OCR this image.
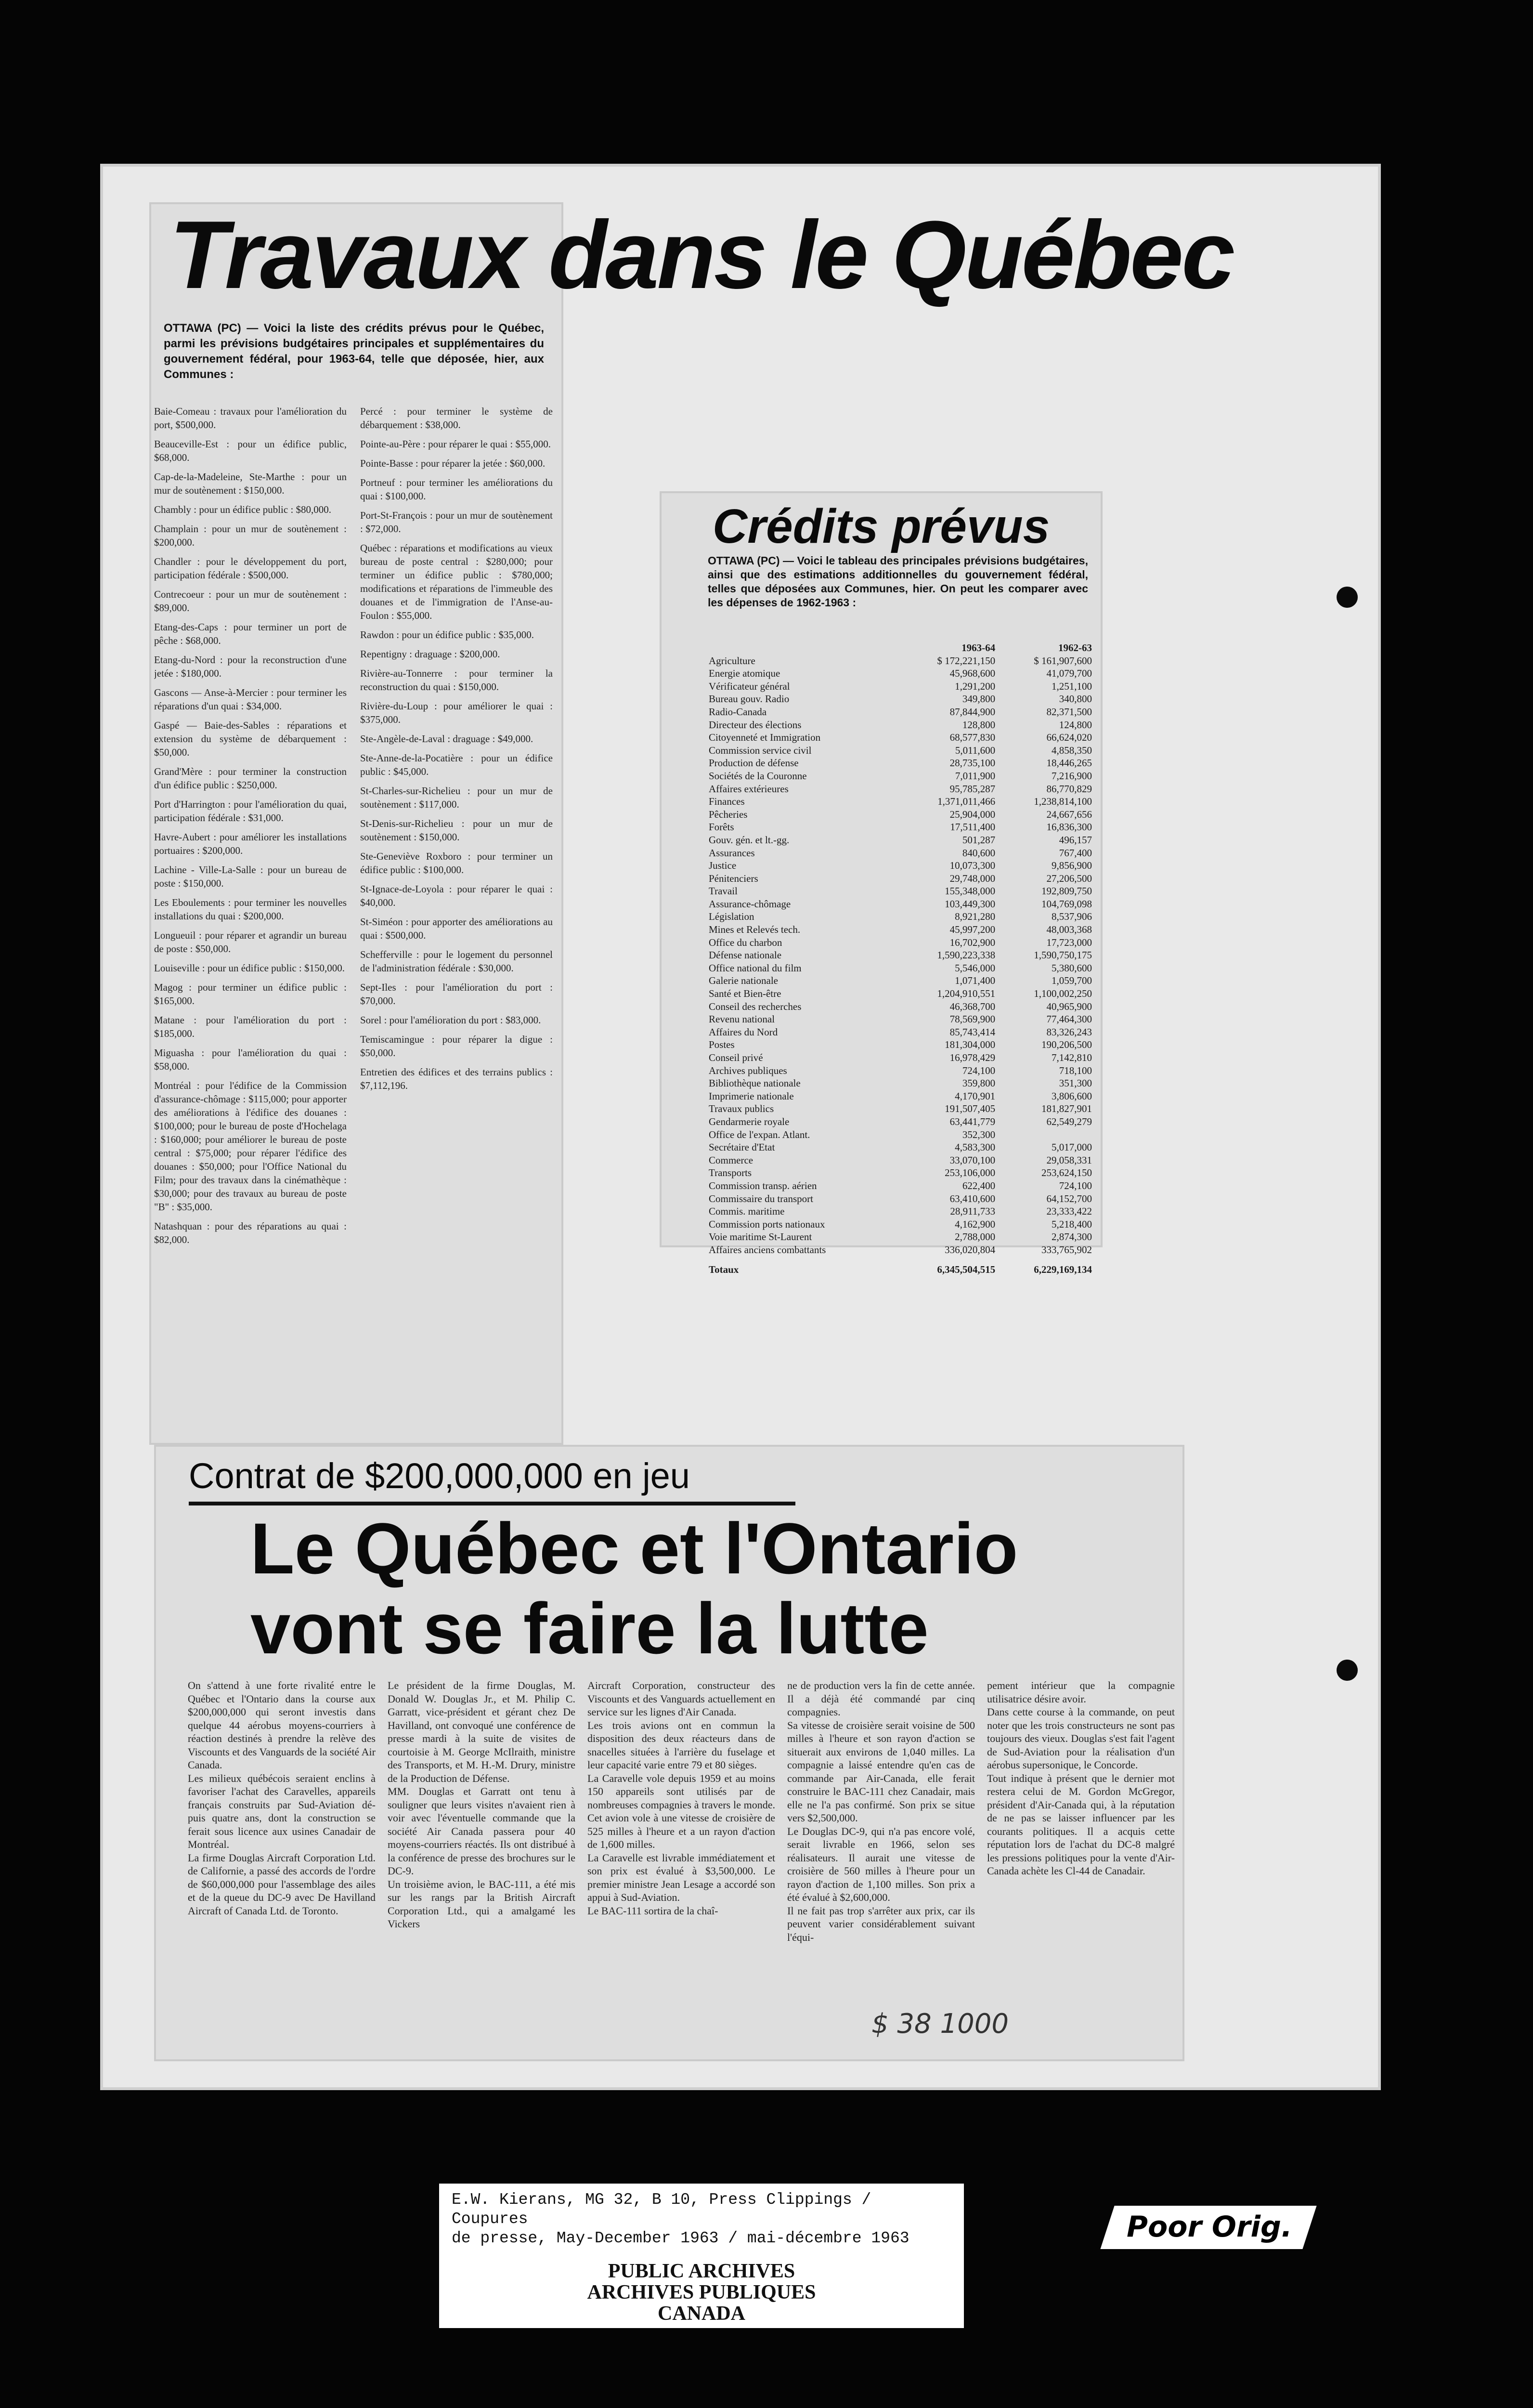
Travaux dans le Québec
OTTAWA (PC) — Voici la liste des crédits prévus pour le Québec, parmi les prévisions budgétaires principales et supplémentaires du gouvernement fédéral, pour 1963-64, telle que déposée, hier, aux Communes :
Baie-Comeau : travaux pour l'amélioration du port, $500,000.
Beauceville-Est : pour un édifice public, $68,000.
Cap-de-la-Madeleine, Ste-Marthe : pour un mur de soutènement : $150,000.
Chambly : pour un édifice public : $80,000.
Champlain : pour un mur de soutènement : $200,000.
Chandler : pour le développement du port, participation fédérale : $500,000.
Contrecoeur : pour un mur de soutènement : $89,000.
Etang-des-Caps : pour terminer un port de pêche : $68,000.
Etang-du-Nord : pour la reconstruction d'une jetée : $180,000.
Gascons — Anse-à-Mercier : pour terminer les réparations d'un quai : $34,000.
Gaspé — Baie-des-Sables : réparations et extension du système de débarquement : $50,000.
Grand'Mère : pour terminer la construction d'un édifice public : $250,000.
Port d'Harrington : pour l'amélioration du quai, participation fédérale : $31,000.
Havre-Aubert : pour améliorer les installations portuaires : $200,000.
Lachine - Ville-La-Salle : pour un bureau de poste : $150,000.
Les Eboulements : pour terminer les nouvelles installations du quai : $200,000.
Longueuil : pour réparer et agrandir un bureau de poste : $50,000.
Louiseville : pour un édifice public : $150,000.
Magog : pour terminer un édifice public : $165,000.
Matane : pour l'amélioration du port : $185,000.
Miguasha : pour l'amélioration du quai : $58,000.
Montréal : pour l'édifice de la Commission d'assurance-chômage : $115,000; pour apporter des améliorations à l'édifice des douanes : $100,000; pour le bureau de poste d'Hochelaga : $160,000; pour améliorer le bureau de poste central : $75,000; pour réparer l'édifice des douanes : $50,000; pour l'Office National du Film; pour des travaux dans la cinémathèque : $30,000; pour des travaux au bureau de poste "B" : $35,000.
Natashquan : pour des réparations au quai : $82,000.
Percé : pour terminer le système de débarquement : $38,000.
Pointe-au-Père : pour réparer le quai : $55,000.
Pointe-Basse : pour réparer la jetée : $60,000.
Portneuf : pour terminer les améliorations du quai : $100,000.
Port-St-François : pour un mur de soutènement : $72,000.
Québec : réparations et modifications au vieux bureau de poste central : $280,000; pour terminer un édifice public : $780,000; modifications et réparations de l'immeuble des douanes et de l'immigration de l'Anse-au-Foulon : $55,000.
Rawdon : pour un édifice public : $35,000.
Repentigny : draguage : $200,000.
Rivière-au-Tonnerre : pour terminer la reconstruction du quai : $150,000.
Rivière-du-Loup : pour améliorer le quai : $375,000.
Ste-Angèle-de-Laval : draguage : $49,000.
Ste-Anne-de-la-Pocatière : pour un édifice public : $45,000.
St-Charles-sur-Richelieu : pour un mur de soutènement : $117,000.
St-Denis-sur-Richelieu : pour un mur de soutènement : $150,000.
Ste-Geneviève Roxboro : pour terminer un édifice public : $100,000.
St-Ignace-de-Loyola : pour réparer le quai : $40,000.
St-Siméon : pour apporter des améliorations au quai : $500,000.
Schefferville : pour le logement du personnel de l'administration fédérale : $30,000.
Sept-Iles : pour l'amélioration du port : $70,000.
Sorel : pour l'amélioration du port : $83,000.
Temiscamingue : pour réparer la digue : $50,000.
Entretien des édifices et des terrains publics : $7,112,196.
Crédits prévus
OTTAWA (PC) — Voici le tableau des principales prévisions budgétaires, ainsi que des estimations additionnelles du gouvernement fédéral, telles que déposées aux Communes, hier. On peut les comparer avec les dépenses de 1962-1963 :
	1963-64	1962-63
Agriculture	$ 172,221,150	$ 161,907,600
Energie atomique	45,968,600	41,079,700
Vérificateur général	1,291,200	1,251,100
Bureau gouv. Radio	349,800	340,800
Radio-Canada	87,844,900	82,371,500
Directeur des élections	128,800	124,800
Citoyenneté et Immigration	68,577,830	66,624,020
Commission service civil	5,011,600	4,858,350
Production de défense	28,735,100	18,446,265
Sociétés de la Couronne	7,011,900	7,216,900
Affaires extérieures	95,785,287	86,770,829
Finances	1,371,011,466	1,238,814,100
Pêcheries	25,904,000	24,667,656
Forêts	17,511,400	16,836,300
Gouv. gén. et lt.-gg.	501,287	496,157
Assurances	840,600	767,400
Justice	10,073,300	9,856,900
Pénitenciers	29,748,000	27,206,500
Travail	155,348,000	192,809,750
Assurance-chômage	103,449,300	104,769,098
Législation	8,921,280	8,537,906
Mines et Relevés tech.	45,997,200	48,003,368
Office du charbon	16,702,900	17,723,000
Défense nationale	1,590,223,338	1,590,750,175
Office national du film	5,546,000	5,380,600
Galerie nationale	1,071,400	1,059,700
Santé et Bien-être	1,204,910,551	1,100,002,250
Conseil des recherches	46,368,700	40,965,900
Revenu national	78,569,900	77,464,300
Affaires du Nord	85,743,414	83,326,243
Postes	181,304,000	190,206,500
Conseil privé	16,978,429	7,142,810
Archives publiques	724,100	718,100
Bibliothèque nationale	359,800	351,300
Imprimerie nationale	4,170,901	3,806,600
Travaux publics	191,507,405	181,827,901
Gendarmerie royale	63,441,779	62,549,279
Office de l'expan. Atlant.	352,300	
Secrétaire d'Etat	4,583,300	5,017,000
Commerce	33,070,100	29,058,331
Transports	253,106,000	253,624,150
Commission transp. aérien	622,400	724,100
Commissaire du transport	63,410,600	64,152,700
Commis. maritime	28,911,733	23,333,422
Commission ports nationaux	4,162,900	5,218,400
Voie maritime St-Laurent	2,788,000	2,874,300
Affaires anciens combattants	336,020,804	333,765,902
Totaux	6,345,504,515	6,229,169,134
Contrat de $200,000,000 en jeu
Le Québec et l'Ontario
vont se faire la lutte
On s'attend à une forte rivalité entre le Québec et l'Ontario dans la course aux $200,000,000 qui seront investis dans quelque 44 aérobus moyens-courriers à réaction destinés à prendre la relève des Viscounts et des Vanguards de la société Air Canada.
Les milieux québécois seraient enclins à favoriser l'achat des Caravelles, appareils français construits par Sud-Aviation dé- puis quatre ans, dont la construction se ferait sous licence aux usines Canadair de Montréal.
La firme Douglas Aircraft Corporation Ltd. de Californie, a passé des accords de l'ordre de $60,000,000 pour l'assemblage des ailes et de la queue du DC-9 avec De Havilland Aircraft of Canada Ltd. de Toronto.
Le président de la firme Douglas, M. Donald W. Douglas Jr., et M. Philip C. Garratt, vice-président et gérant chez De Havilland, ont convoqué une conférence de presse mardi à la suite de visites de courtoisie à M. George McIlraith, ministre des Transports, et M. H.-M. Drury, ministre de la Production de Défense.
MM. Douglas et Garratt ont tenu à souligner que leurs visites n'avaient rien à voir avec l'éventuelle commande que la société Air Canada passera pour 40 moyens-courriers réactés. Ils ont distribué à la conférence de presse des brochures sur le DC-9.
Un troisième avion, le BAC-111, a été mis sur les rangs par la British Aircraft Corporation Ltd., qui a amalgamé les Vickers
Aircraft Corporation, constructeur des Viscounts et des Vanguards actuellement en service sur les lignes d'Air Canada.
Les trois avions ont en commun la disposition des deux réacteurs dans de snacelles situées à l'arrière du fuselage et leur capacité varie entre 79 et 80 sièges.
La Caravelle vole depuis 1959 et au moins 150 appareils sont utilisés par de nombreuses compagnies à travers le monde. Cet avion vole à une vitesse de croisière de 525 milles à l'heure et a un rayon d'action de 1,600 milles.
La Caravelle est livrable immédiatement et son prix est évalué à $3,500,000. Le premier ministre Jean Lesage a accordé son appui à Sud-Aviation.
Le BAC-111 sortira de la chaî-
ne de production vers la fin de cette année. Il a déjà été commandé par cinq compagnies.
Sa vitesse de croisière serait voisine de 500 milles à l'heure et son rayon d'action se situerait aux environs de 1,040 milles. La compagnie a laissé entendre qu'en cas de commande par Air-Canada, elle ferait construire le BAC-111 chez Canadair, mais elle ne l'a pas confirmé. Son prix se situe vers $2,500,000.
Le Douglas DC-9, qui n'a pas encore volé, serait livrable en 1966, selon ses réalisateurs. Il aurait une vitesse de croisière de 560 milles à l'heure pour un rayon d'action de 1,100 milles. Son prix a été évalué à $2,600,000.
Il ne fait pas trop s'arrêter aux prix, car ils peuvent varier considérablement suivant l'équi-
pement intérieur que la compagnie utilisatrice désire avoir.
Dans cette course à la commande, on peut noter que les trois constructeurs ne sont pas toujours des vieux. Douglas s'est fait l'agent de Sud-Aviation pour la réalisation d'un aérobus supersonique, le Concorde.
Tout indique à présent que le dernier mot restera celui de M. Gordon McGregor, président d'Air-Canada qui, à la réputation de ne pas se laisser influencer par les courants politiques. Il a acquis cette réputation lors de l'achat du DC-8 malgré les pressions politiques pour la vente d'Air-Canada achète les Cl-44 de Canadair.
$ 38 1000
E.W. Kierans, MG 32, B 10, Press Clippings / Coupures
de presse, May-December 1963 / mai-décembre 1963
PUBLIC ARCHIVES
ARCHIVES PUBLIQUES
CANADA
Poor Orig.
